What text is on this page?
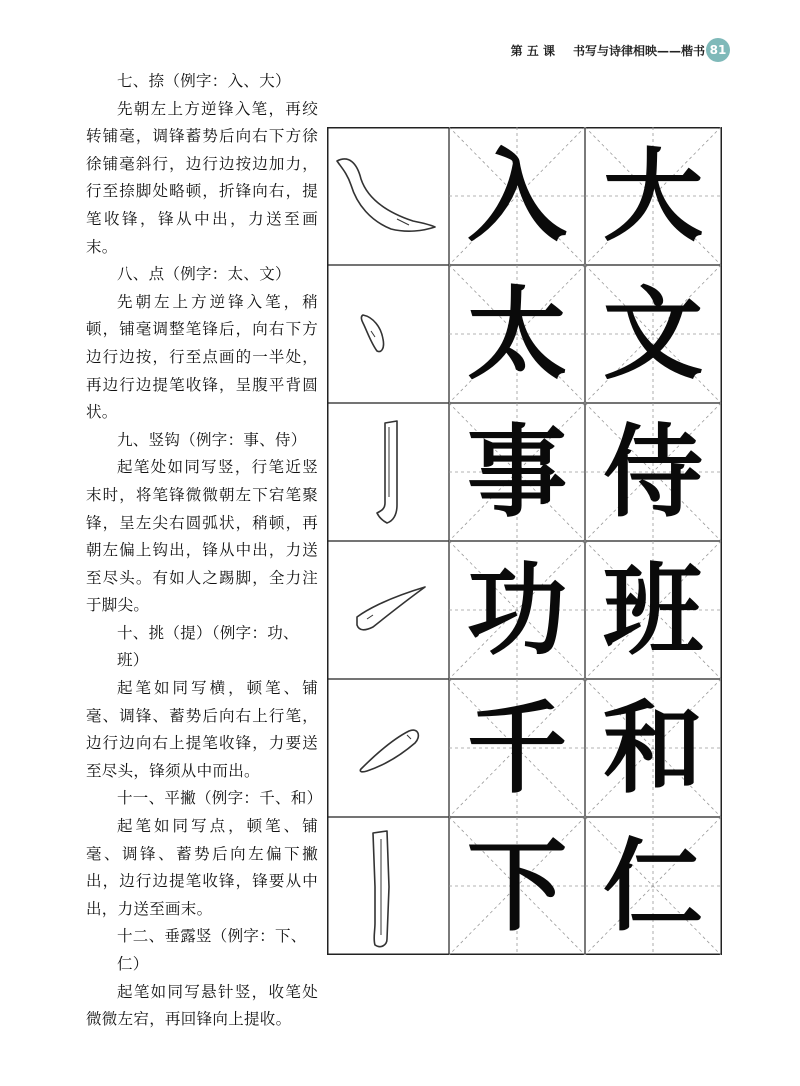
第 五 课 书写与诗律相映——楷书 81

七、捺（例字：入、大）

先朝左上方逆锋入笔，再绞转铺毫，调锋蓄势后向右下方徐徐铺毫斜行，边行边按边加力，行至捺脚处略顿，折锋向右，提笔收锋，锋从中出，力送至画末。

八、点（例字：太、文）

先朝左上方逆锋入笔，稍顿，铺毫调整笔锋后，向右下方边行边按，行至点画的一半处，再边行边提笔收锋，呈腹平背圆状。

九、竖钩（例字：事、侍）

起笔处如同写竖，行笔近竖末时，将笔锋微微朝左下宕笔聚锋，呈左尖右圆弧状，稍顿，再朝左偏上钩出，锋从中出，力送至尽头。有如人之踢脚，全力注于脚尖。

十、挑（提）（例字：功、班）

起笔如同写横，顿笔、铺毫、调锋、蓄势后向右上行笔，边行边向右上提笔收锋，力要送至尽头，锋须从中而出。

十一、平撇（例字：千、和）

起笔如同写点，顿笔、铺毫、调锋、蓄势后向左偏下撇出，边行边提笔收锋，锋要从中出，力送至画末。

十二、垂露竖（例字：下、仁）

起笔如同写悬针竖，收笔处微微左宕，再回锋向上提收。

入 大
太 文
事 侍
功 班
千 和
下 仁
